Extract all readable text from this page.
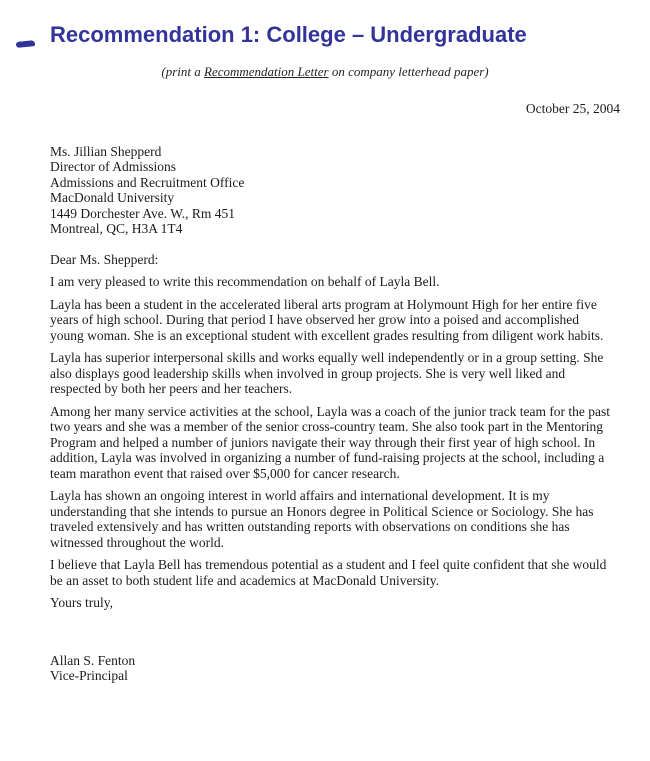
Recommendation 1: College – Undergraduate
(print a Recommendation Letter on company letterhead paper)
October 25, 2004
Ms. Jillian Shepperd
Director of Admissions
Admissions and Recruitment Office
MacDonald University
1449 Dorchester Ave. W., Rm 451
Montreal, QC, H3A 1T4
Dear Ms. Shepperd:

I am very pleased to write this recommendation on behalf of Layla Bell.

Layla has been a student in the accelerated liberal arts program at Holymount High for her entire five years of high school. During that period I have observed her grow into a poised and accomplished young woman. She is an exceptional student with excellent grades resulting from diligent work habits.

Layla has superior interpersonal skills and works equally well independently or in a group setting. She also displays good leadership skills when involved in group projects. She is very well liked and respected by both her peers and her teachers.

Among her many service activities at the school, Layla was a coach of the junior track team for the past two years and she was a member of the senior cross-country team. She also took part in the Mentoring Program and helped a number of juniors navigate their way through their first year of high school. In addition, Layla was involved in organizing a number of fund-raising projects at the school, including a team marathon event that raised over $5,000 for cancer research.

Layla has shown an ongoing interest in world affairs and international development. It is my understanding that she intends to pursue an Honors degree in Political Science or Sociology. She has traveled extensively and has written outstanding reports with observations on conditions she has witnessed throughout the world.

I believe that Layla Bell has tremendous potential as a student and I feel quite confident that she would be an asset to both student life and academics at MacDonald University.

Yours truly,
Allan S. Fenton
Vice-Principal
